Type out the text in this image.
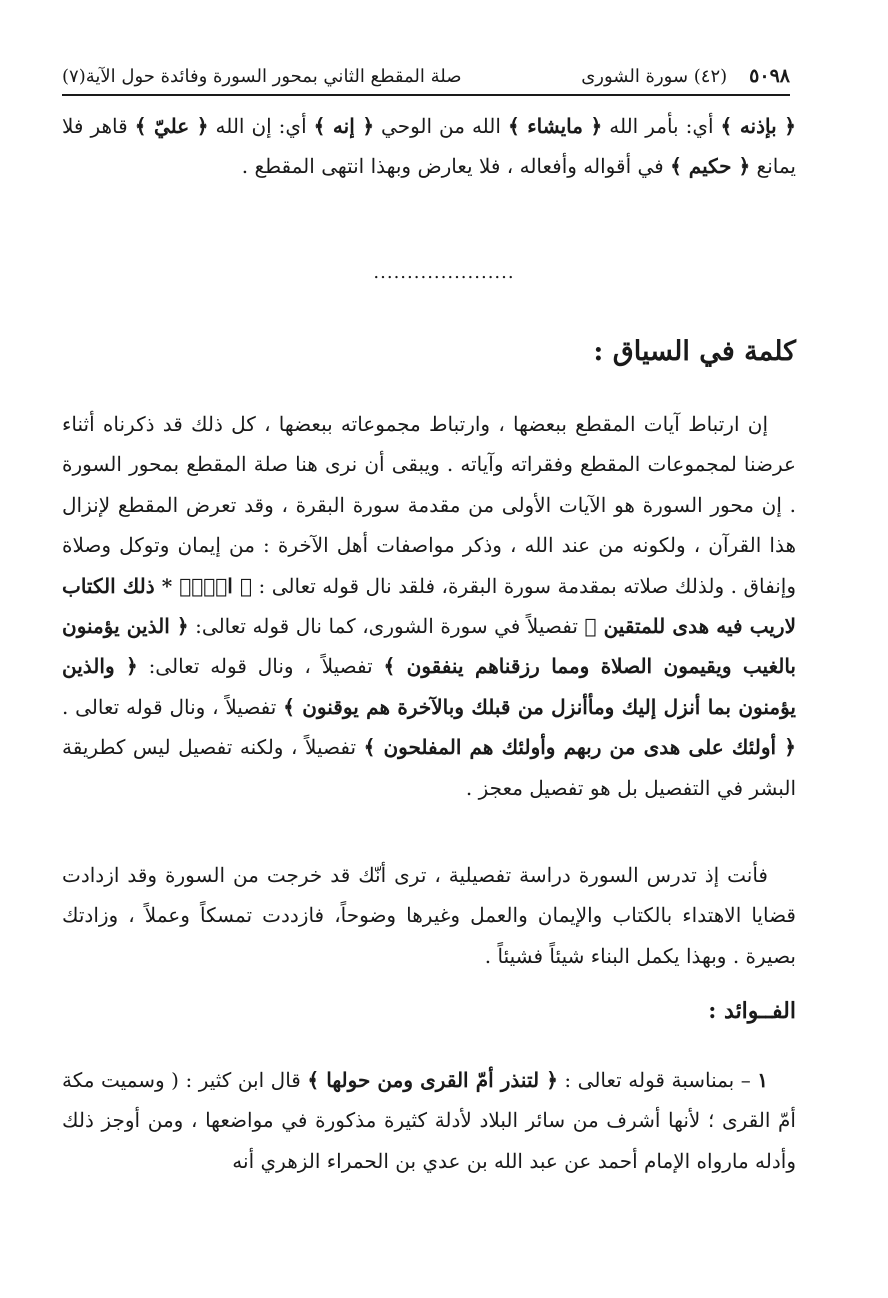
٥٠٩٨
(٤٢) سورة الشورى
صلة المقطع الثاني بمحور السورة وفائدة حول الآية(٧)

﴿ بإذنه ﴾ أي: بأمر الله ﴿ مايشاء ﴾ الله من الوحي ﴿ إنه ﴾ أي: إن الله ﴿ عليّ ﴾ قاهر فلا يمانع ﴿ حكيم ﴾ في أقواله وأفعاله ، فلا يعارض وبهذا انتهى المقطع .

.....................
كلمة في السياق :

إن ارتباط آيات المقطع ببعضها ، وارتباط مجموعاته ببعضها ، كل ذلك قد ذكرناه أثناء عرضنا لمجموعات المقطع وفقراته وآياته . ويبقى أن نرى هنا صلة المقطع بمحور السورة . إن محور السورة هو الآيات الأولى من مقدمة سورة البقرة ، وقد تعرض المقطع لإنزال هذا القرآن ، ولكونه من عند الله ، وذكر مواصفات أهل الآخرة : من إيمان وتوكل وصلاة وإنفاق . ولذلك صلاته بمقدمة سورة البقرة، فلقد نال قوله تعالى : ﴿ الۤمۤ * ذلك الكتاب لاريب فيه هدى للمتقين ﴾ تفصيلاً في سورة الشورى، كما نال قوله تعالى: ﴿ الذين يؤمنون بالغيب ويقيمون الصلاة ومما رزقناهم ينفقون ﴾ تفصيلاً ، ونال قوله تعالى: ﴿ والذين يؤمنون بما أنزل إليك ومأأنزل من قبلك وبالآخرة هم يوقنون ﴾ تفصيلاً ، ونال قوله تعالى . ﴿ أولئك على هدى من ربهم وأولئك هم المفلحون ﴾ تفصيلاً ، ولكنه تفصيل ليس كطريقة البشر في التفصيل بل هو تفصيل معجز .

فأنت إذ تدرس السورة دراسة تفصيلية ، ترى أنّك قد خرجت من السورة وقد ازدادت قضايا الاهتداء بالكتاب والإيمان والعمل وغيرها وضوحاً، فازددت تمسكاً وعملاً ، وزادتك بصيرة . وبهذا يكمل البناء شيئاً فشيئاً .

الفــوائد :

١ – بمناسبة قوله تعالى : ﴿ لتنذر أمّ القرى ومن حولها ﴾ قال ابن كثير : ( وسميت مكة أمّ القرى ؛ لأنها أشرف من سائر البلاد لأدلة كثيرة مذكورة في مواضعها ، ومن أوجز ذلك وأدله مارواه الإمام أحمد عن عبد الله بن عدي بن الحمراء الزهري أنه
